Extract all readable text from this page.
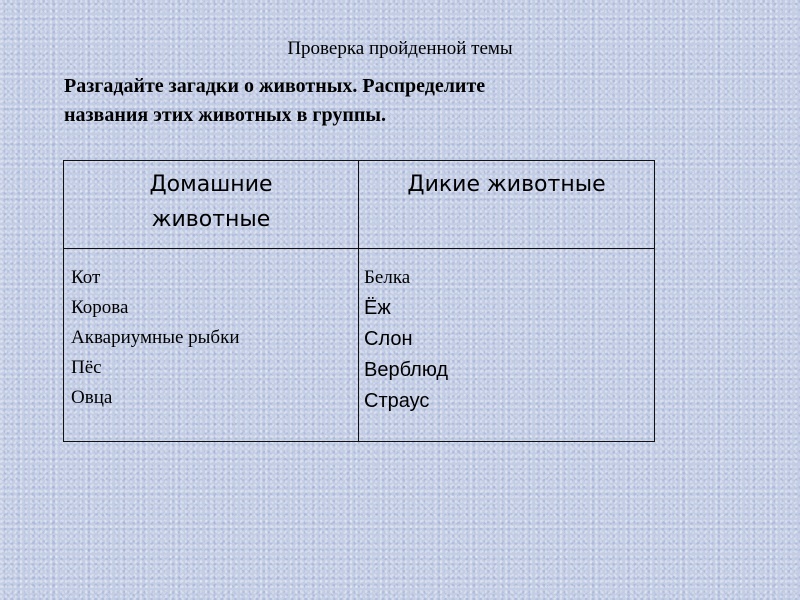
Проверка пройденной темы
Разгадайте загадки о животных. Распределите
названия этих животных в группы.
Домашние животные
Дикие животные
Кот
Корова
Аквариумные рыбки
Пёс
Овца
Белка
Ёж
Слон
Верблюд
Страус
